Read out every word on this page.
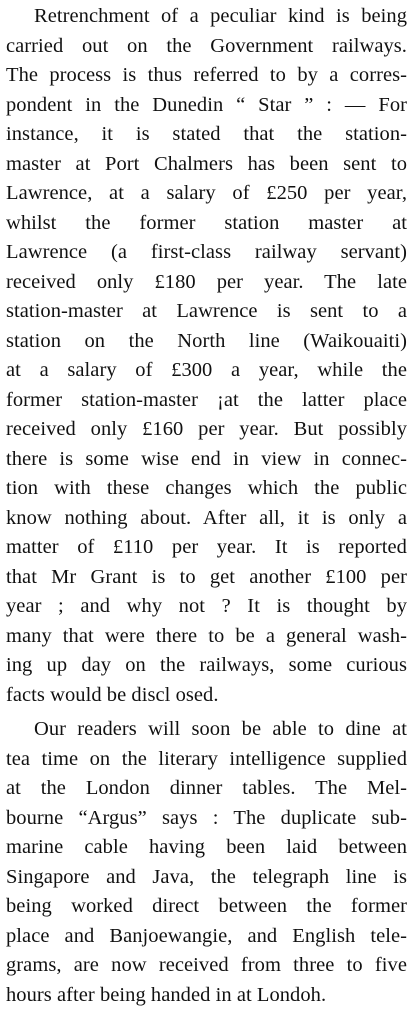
Retrenchment of a peculiar kind is being
carried out on the Government railways.
The process is thus referred to by a corres-
pondent in the Dunedin “ Star ” : — For
instance, it is stated that the station-
master at Port Chalmers has been sent to
Lawrence, at a salary of £250 per year,
whilst the former station master at
Lawrence (a first-class railway servant)
received only £180 per year. The late
station-master at Lawrence is sent to a
station on the North line (Waikouaiti)
at a salary of £300 a year, while the
former station-master ¡at the latter place
received only £160 per year. But possibly
there is some wise end in view in connec-
tion with these changes which the public
know nothing about. After all, it is only a
matter of £110 per year. It is reported
that Mr Grant is to get another £100 per
year ; and why not ? It is thought by
many that were there to be a general wash-
ing up day on the railways, some curious
facts would be discl osed.
Our readers will soon be able to dine at
tea time on the literary intelligence supplied
at the London dinner tables. The Mel-
bourne “Argus” says : The duplicate sub-
marine cable having been laid between
Singapore and Java, the telegraph line is
being worked direct between the former
place and Banjoewangie, and English tele-
grams, are now received from three to five
hours after being handed in at Londoh.
